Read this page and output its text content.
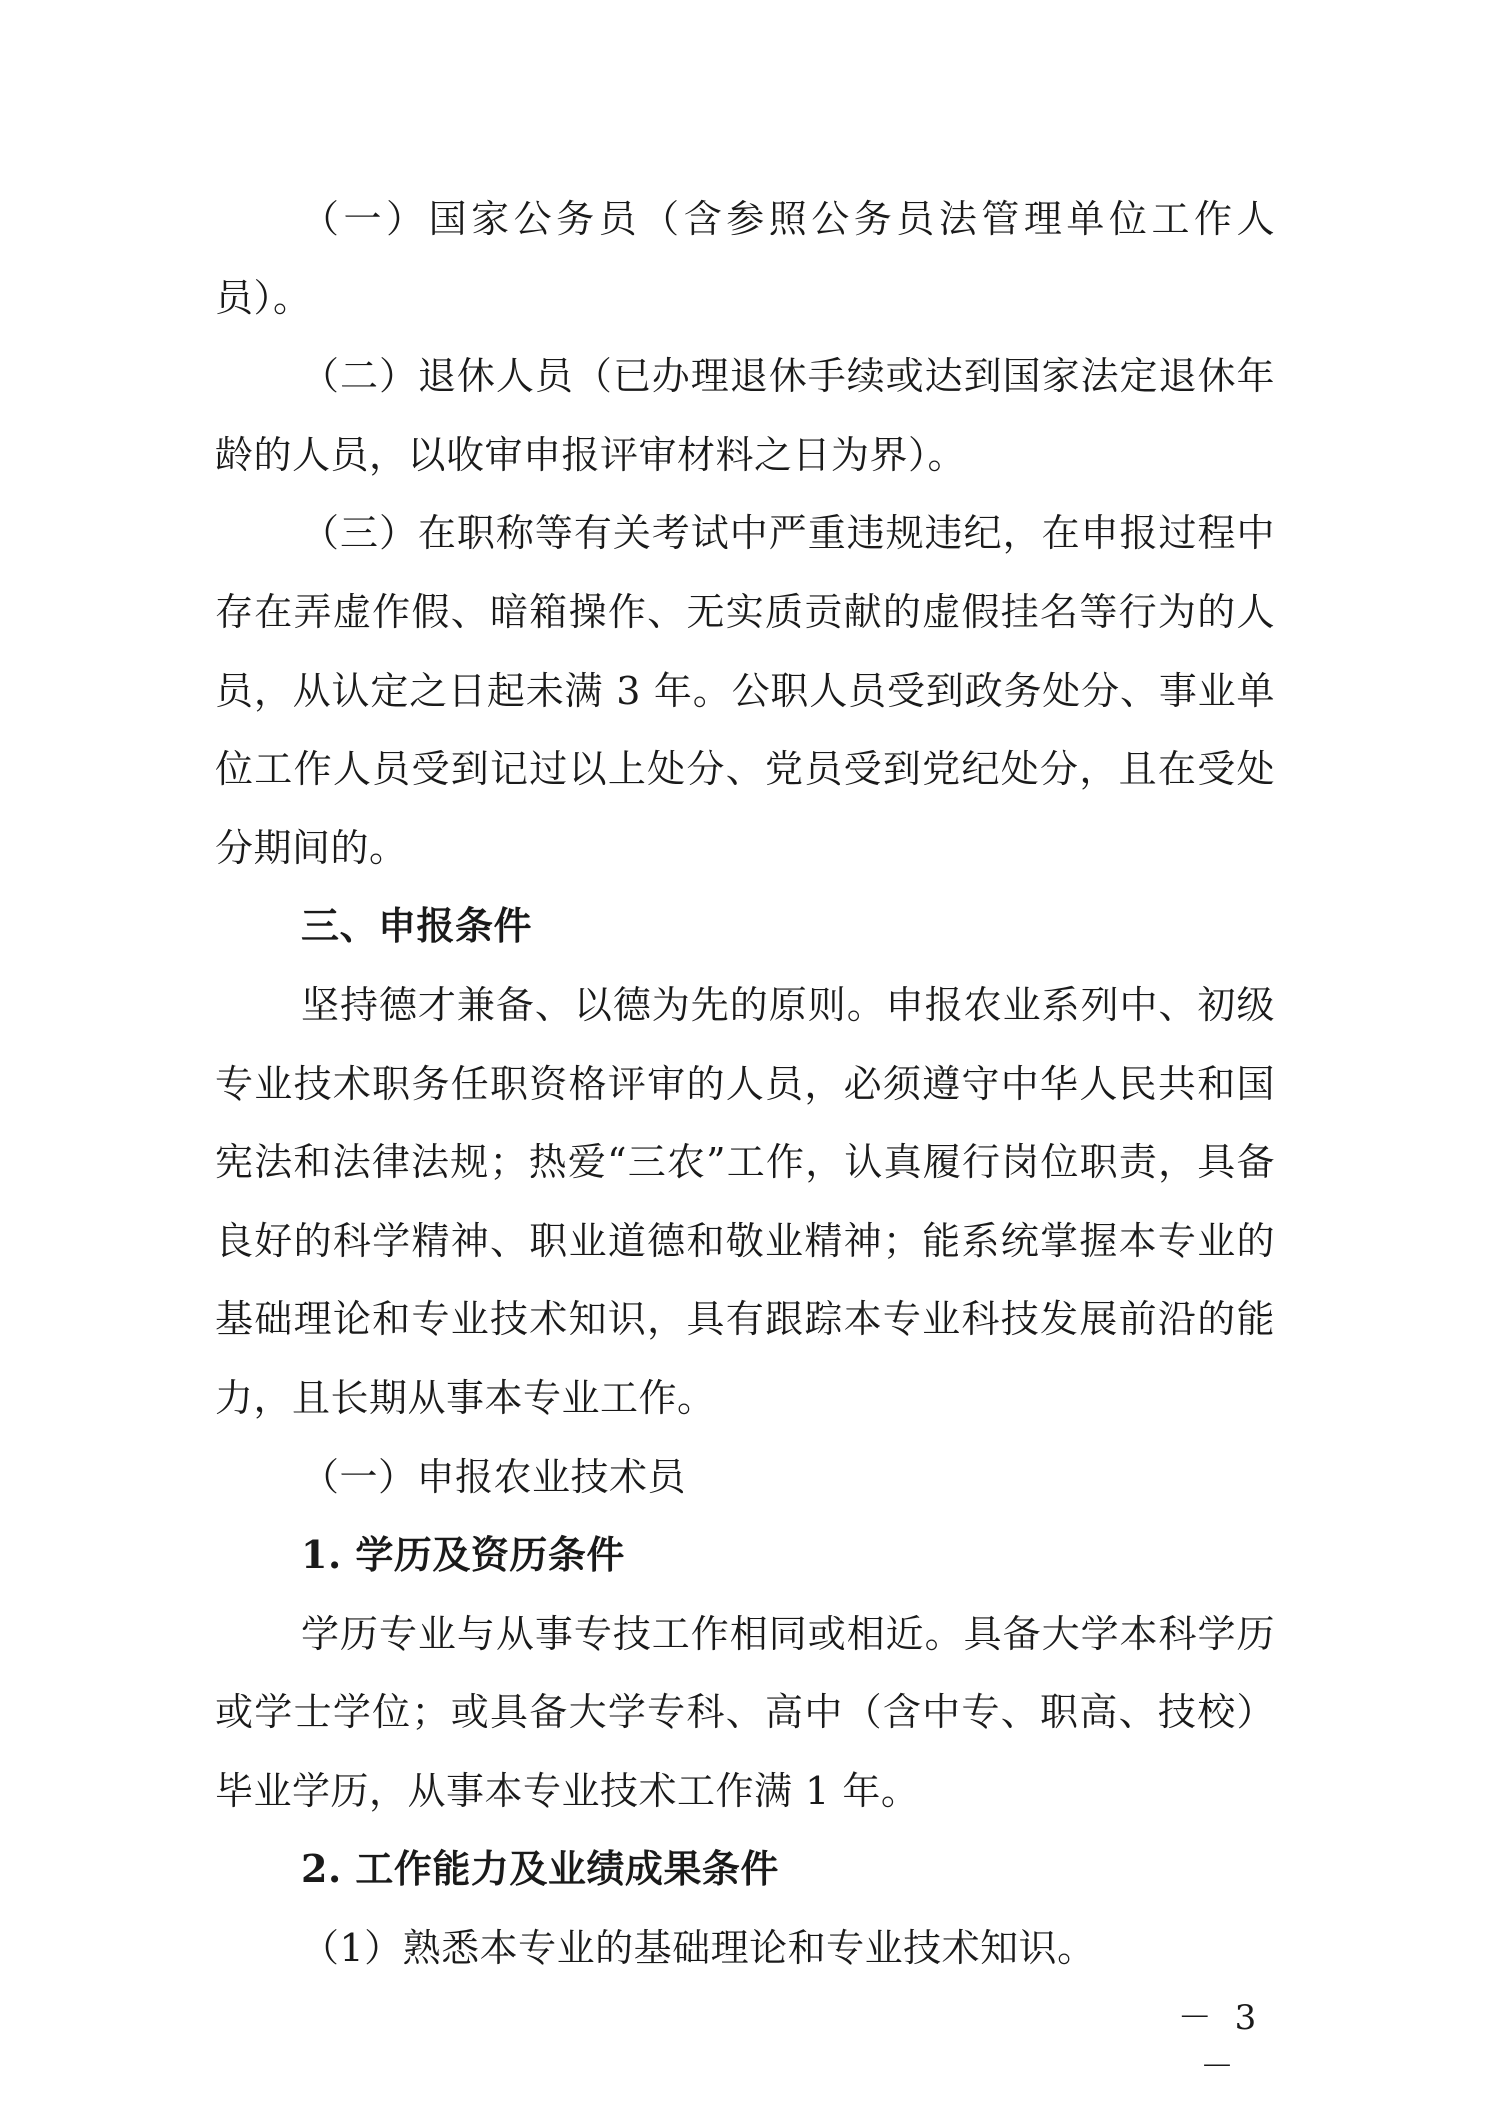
（一）国家公务员（含参照公务员法管理单位工作人员）。

（二）退休人员（已办理退休手续或达到国家法定退休年龄的人员，以收审申报评审材料之日为界）。

（三）在职称等有关考试中严重违规违纪，在申报过程中存在弄虚作假、暗箱操作、无实质贡献的虚假挂名等行为的人员，从认定之日起未满 3 年。公职人员受到政务处分、事业单位工作人员受到记过以上处分、党员受到党纪处分，且在受处分期间的。

三、申报条件

坚持德才兼备、以德为先的原则。申报农业系列中、初级专业技术职务任职资格评审的人员，必须遵守中华人民共和国宪法和法律法规；热爱“三农”工作，认真履行岗位职责，具备良好的科学精神、职业道德和敬业精神；能系统掌握本专业的基础理论和专业技术知识，具有跟踪本专业科技发展前沿的能力，且长期从事本专业工作。

（一）申报农业技术员

1. 学历及资历条件

学历专业与从事专技工作相同或相近。具备大学本科学历或学士学位；或具备大学专科、高中（含中专、职高、技校）毕业学历，从事本专业技术工作满 1 年。

2. 工作能力及业绩成果条件

（1）熟悉本专业的基础理论和专业技术知识。

－ 3 －
